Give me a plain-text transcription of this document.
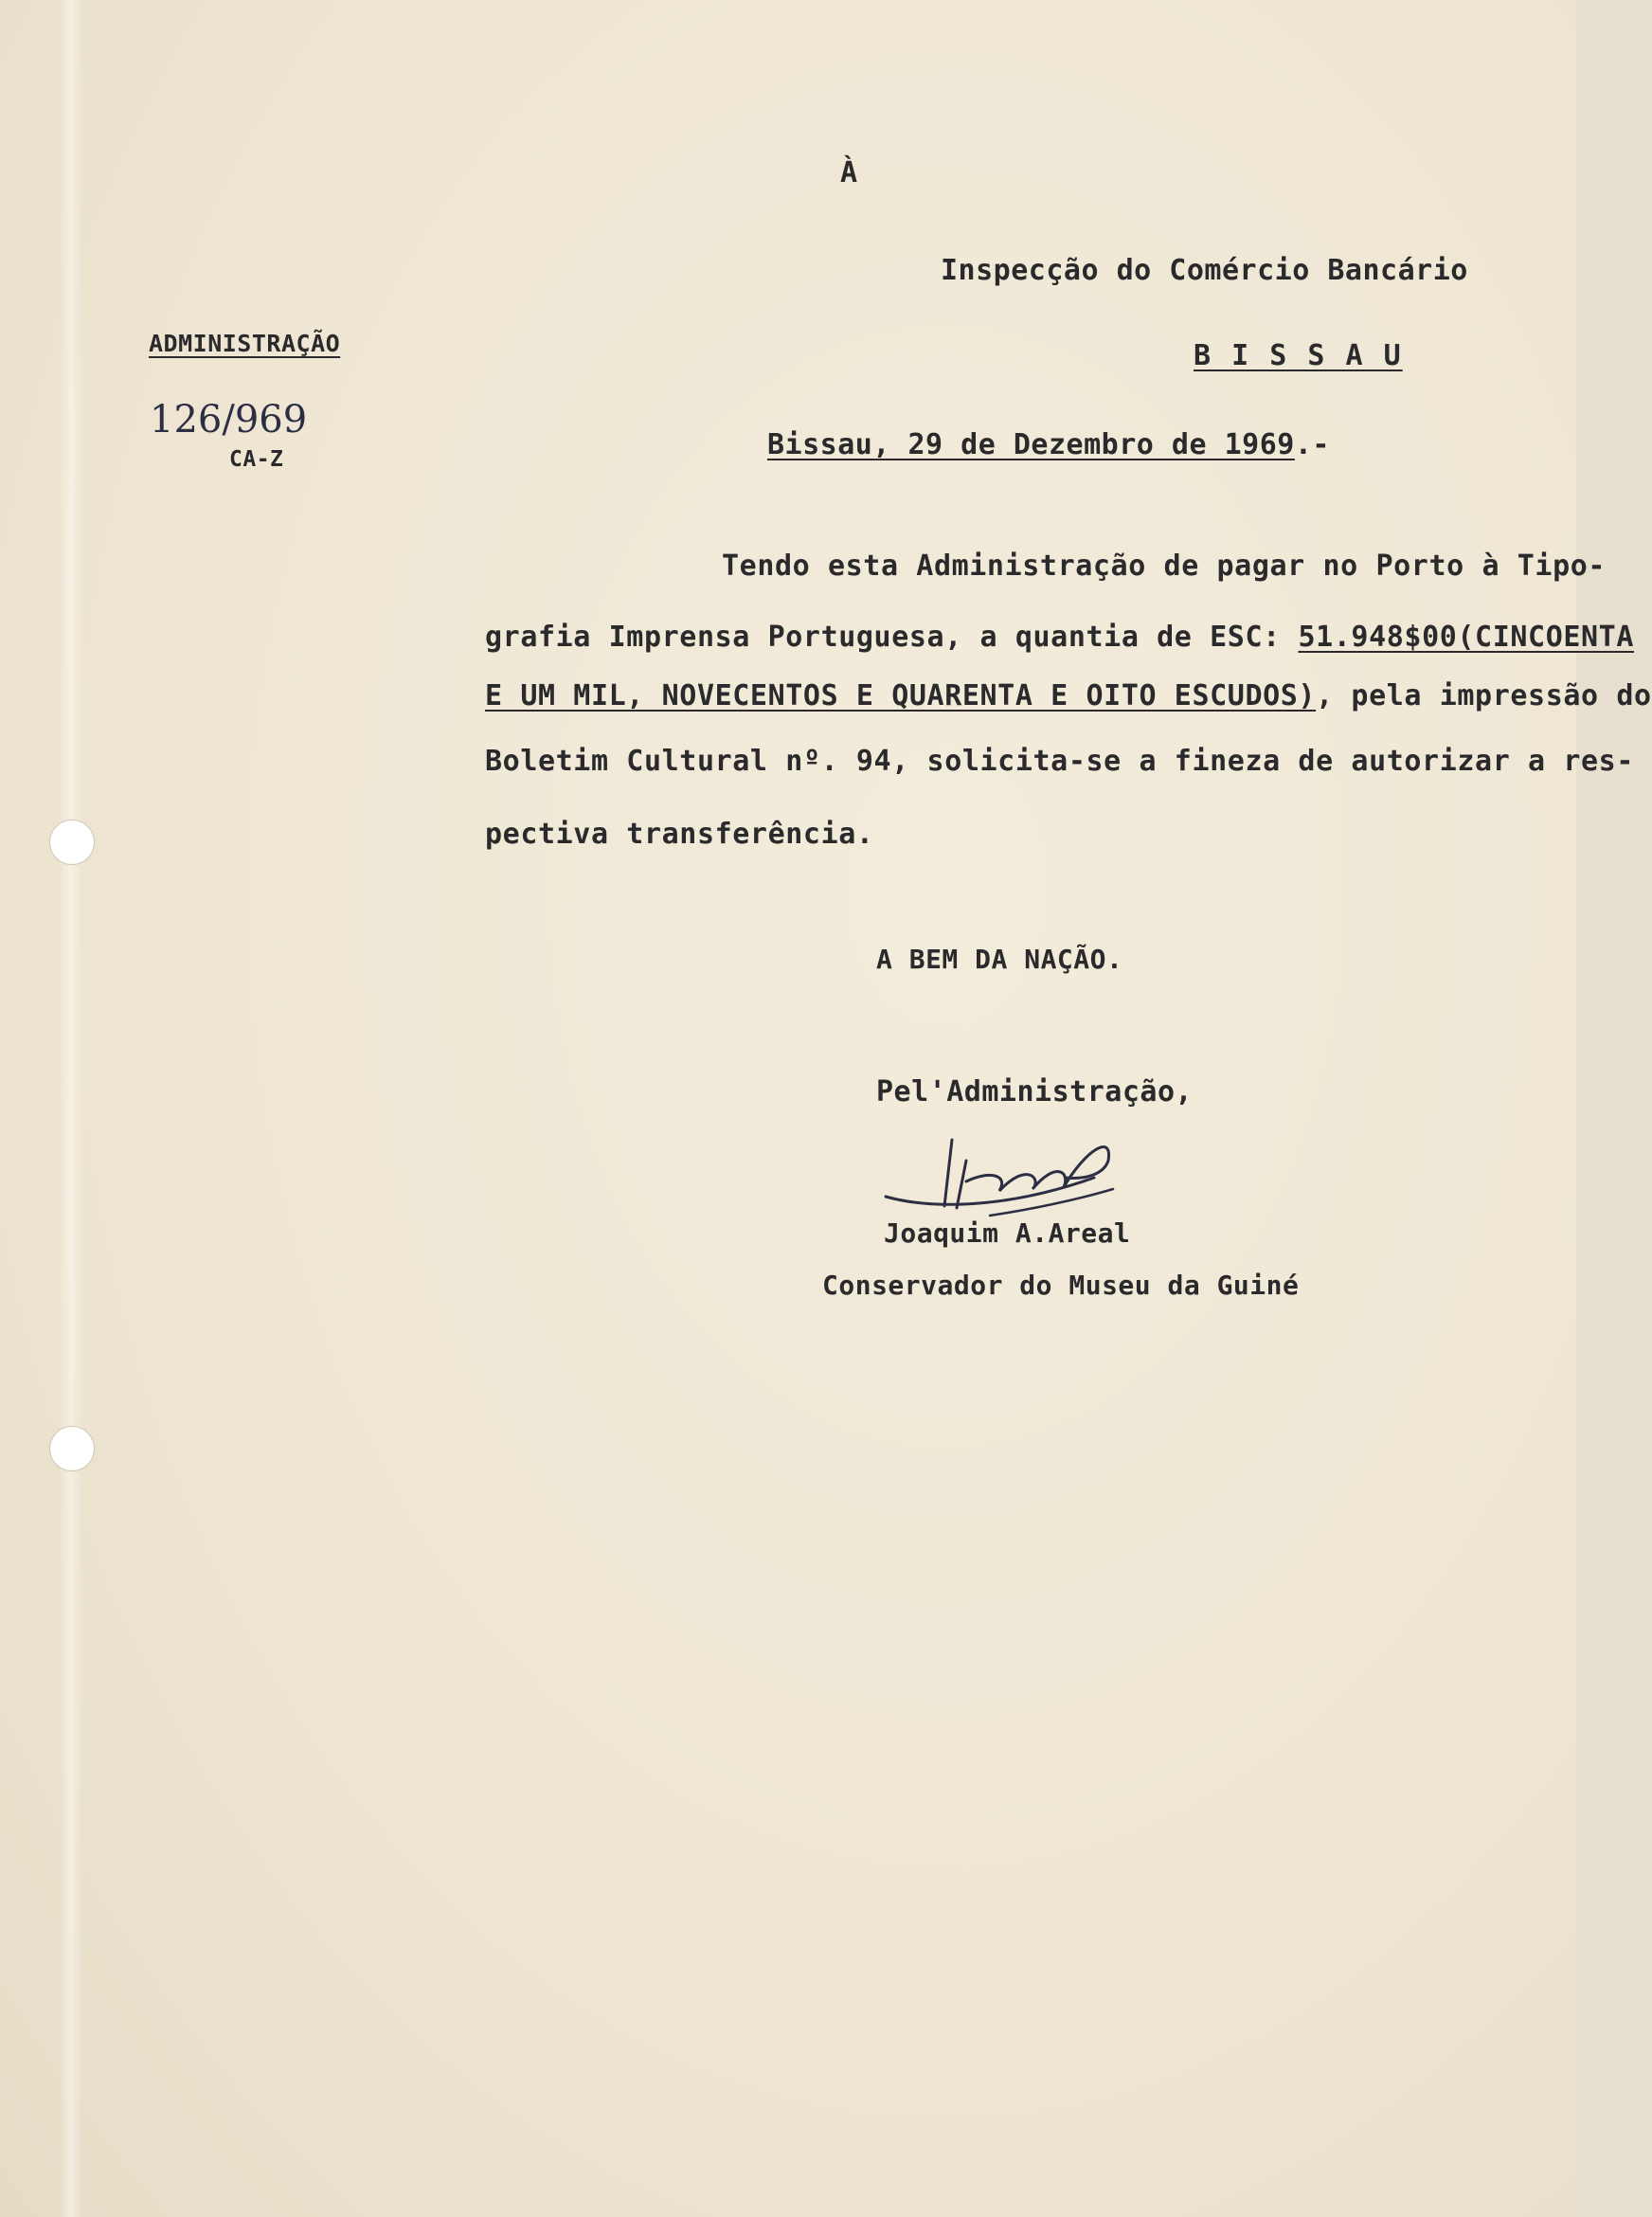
À
Inspecção do Comércio Bancário
B I S S A U
ADMINISTRAÇÃO
126/969
CA-Z	Bissau, 29 de Dezembro de 1969.-
Tendo esta Administração de pagar no Porto à Tipo-
grafia Imprensa Portuguesa, a quantia de ESC: 51.948$00(CINCOENTA
E UM MIL, NOVECENTOS E QUARENTA E OITO ESCUDOS), pela impressão do
Boletim Cultural nº. 94, solicita-se a fineza de autorizar a res-
pectiva transferência.
A BEM DA NAÇÃO.
Pel'Administração,
Joaquim A.Areal
Conservador do Museu da Guiné
